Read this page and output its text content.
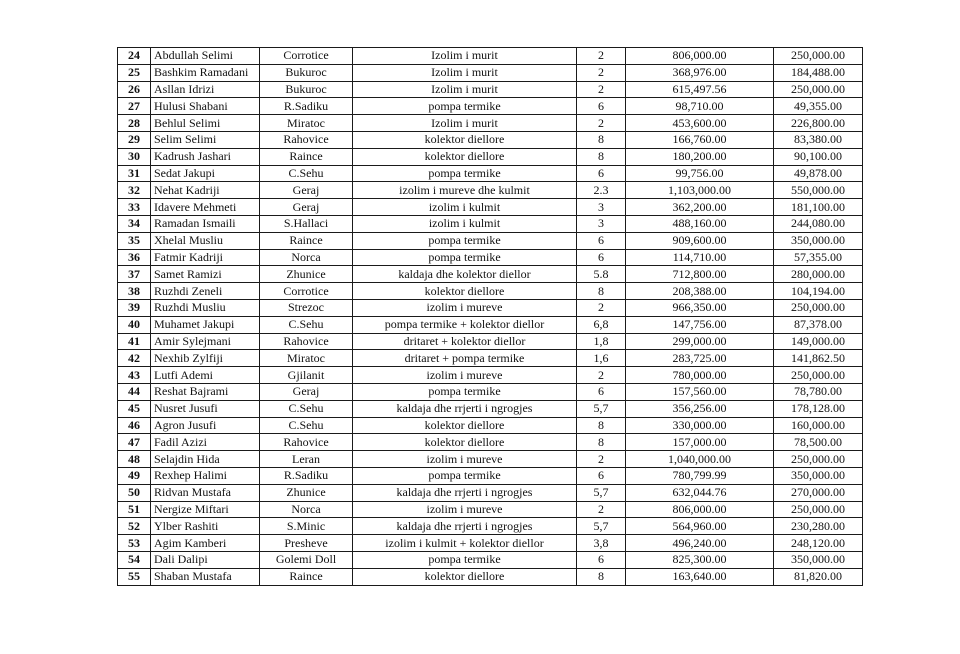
24	Abdullah Selimi	Corrotice	Izolim i murit	2	806,000.00	250,000.00
25	Bashkim Ramadani	Bukuroc	Izolim i murit	2	368,976.00	184,488.00
26	Asllan Idrizi	Bukuroc	Izolim i murit	2	615,497.56	250,000.00
27	Hulusi Shabani	R.Sadiku	pompa termike	6	98,710.00	49,355.00
28	Behlul Selimi	Miratoc	Izolim i murit	2	453,600.00	226,800.00
29	Selim Selimi	Rahovice	kolektor diellore	8	166,760.00	83,380.00
30	Kadrush Jashari	Raince	kolektor diellore	8	180,200.00	90,100.00
31	Sedat Jakupi	C.Sehu	pompa termike	6	99,756.00	49,878.00
32	Nehat Kadriji	Geraj	izolim i mureve dhe kulmit	2.3	1,103,000.00	550,000.00
33	Idavere Mehmeti	Geraj	izolim i kulmit	3	362,200.00	181,100.00
34	Ramadan Ismaili	S.Hallaci	izolim i kulmit	3	488,160.00	244,080.00
35	Xhelal Musliu	Raince	pompa termike	6	909,600.00	350,000.00
36	Fatmir Kadriji	Norca	pompa termike	6	114,710.00	57,355.00
37	Samet Ramizi	Zhunice	kaldaja dhe kolektor diellor	5.8	712,800.00	280,000.00
38	Ruzhdi Zeneli	Corrotice	kolektor diellore	8	208,388.00	104,194.00
39	Ruzhdi Musliu	Strezoc	izolim i mureve	2	966,350.00	250,000.00
40	Muhamet Jakupi	C.Sehu	pompa termike + kolektor diellor	6,8	147,756.00	87,378.00
41	Amir Sylejmani	Rahovice	dritaret + kolektor diellor	1,8	299,000.00	149,000.00
42	Nexhib Zylfiji	Miratoc	dritaret + pompa termike	1,6	283,725.00	141,862.50
43	Lutfi Ademi	Gjilanit	izolim i mureve	2	780,000.00	250,000.00
44	Reshat Bajrami	Geraj	pompa termike	6	157,560.00	78,780.00
45	Nusret Jusufi	C.Sehu	kaldaja dhe rrjerti i ngrogjes	5,7	356,256.00	178,128.00
46	Agron Jusufi	C.Sehu	kolektor diellore	8	330,000.00	160,000.00
47	Fadil Azizi	Rahovice	kolektor diellore	8	157,000.00	78,500.00
48	Selajdin Hida	Leran	izolim i mureve	2	1,040,000.00	250,000.00
49	Rexhep Halimi	R.Sadiku	pompa termike	6	780,799.99	350,000.00
50	Ridvan Mustafa	Zhunice	kaldaja dhe rrjerti i ngrogjes	5,7	632,044.76	270,000.00
51	Nergize Miftari	Norca	izolim i mureve	2	806,000.00	250,000.00
52	Ylber Rashiti	S.Minic	kaldaja dhe rrjerti i ngrogjes	5,7	564,960.00	230,280.00
53	Agim Kamberi	Presheve	izolim i kulmit + kolektor diellor	3,8	496,240.00	248,120.00
54	Dali Dalipi	Golemi Doll	pompa termike	6	825,300.00	350,000.00
55	Shaban Mustafa	Raince	kolektor diellore	8	163,640.00	81,820.00
